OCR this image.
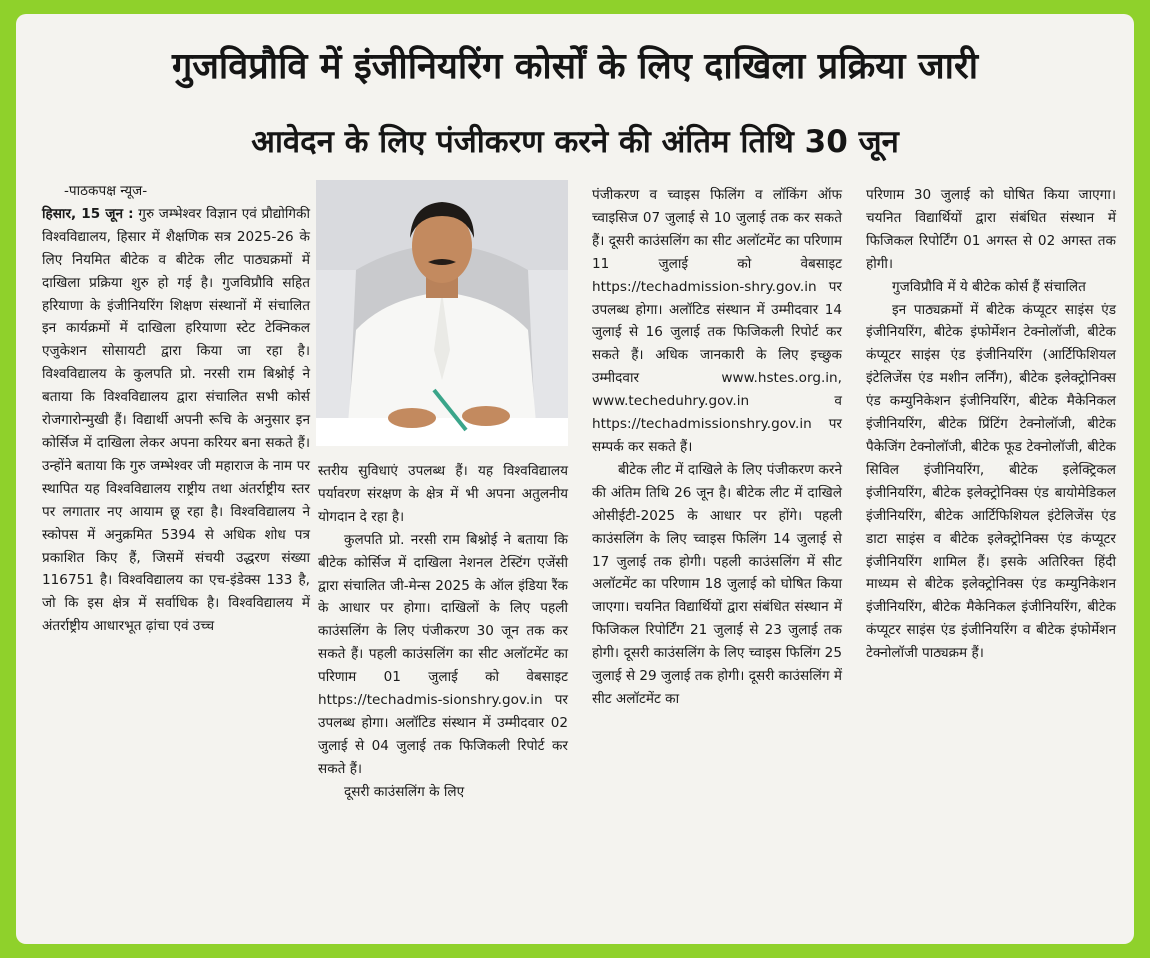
गुजविप्रौवि में इंजीनियरिंग कोर्सों के लिए दाखिला प्रक्रिया जारी
आवेदन के लिए पंजीकरण करने की अंतिम तिथि 30 जून

-पाठकपक्ष न्यूज-

हिसार, 15 जून : गुरु जम्भेश्वर विज्ञान एवं प्रौद्योगिकी विश्वविद्यालय, हिसार में शैक्षणिक सत्र 2025-26 के लिए नियमित बीटेक व बीटेक लीट पाठ्यक्रमों में दाखिला प्रक्रिया शुरु हो गई है। गुजविप्रौवि सहित हरियाणा के इंजीनियरिंग शिक्षण संस्थानों में संचालित इन कार्यक्रमों में दाखिला हरियाणा स्टेट टेक्निकल एजुकेशन सोसायटी द्वारा किया जा रहा है। विश्वविद्यालय के कुलपति प्रो. नरसी राम बिश्नोई ने बताया कि विश्वविद्यालय द्वारा संचालित सभी कोर्स रोजगारोन्मुखी हैं। विद्यार्थी अपनी रूचि के अनुसार इन कोर्सिज में दाखिला लेकर अपना करियर बना सकते हैं। उन्होंने बताया कि गुरु जम्भेश्वर जी महाराज के नाम पर स्थापित यह विश्वविद्यालय राष्ट्रीय तथा अंतर्राष्ट्रीय स्तर पर लगातार नए आयाम छू रहा है। विश्वविद्यालय ने स्कोपस में अनुक्रमित 5394 से अधिक शोध पत्र प्रकाशित किए हैं, जिसमें संचयी उद्धरण संख्या 116751 है। विश्वविद्यालय का एच-इंडेक्स 133 है, जो कि इस क्षेत्र में सर्वाधिक है। विश्वविद्यालय में अंतर्राष्ट्रीय आधारभूत ढ़ांचा एवं उच्च

स्तरीय सुविधाएं उपलब्ध हैं। यह विश्वविद्यालय पर्यावरण संरक्षण के क्षेत्र में भी अपना अतुलनीय योगदान दे रहा है।

कुलपति प्रो. नरसी राम बिश्नोई ने बताया कि बीटेक कोर्सिज में दाखिला नेशनल टेस्टिंग एजेंसी द्वारा संचालित जी-मेन्स 2025 के ऑल इंडिया रैंक के आधार पर होगा। दाखिलों के लिए पहली काउंसलिंग के लिए पंजीकरण 30 जून तक कर सकते हैं। पहली काउंसलिंग का सीट अलॉटमेंट का परिणाम 01 जुलाई को वेबसाइट https://techadmis-sionshry.gov.in पर उपलब्ध होगा। अलॉटिड संस्थान में उम्मीदवार 02 जुलाई से 04 जुलाई तक फिजिकली रिपोर्ट कर सकते हैं।

दूसरी काउंसलिंग के लिए

पंजीकरण व च्वाइस फिलिंग व लॉकिंग ऑफ च्वाइसिज 07 जुलाई से 10 जुलाई तक कर सकते हैं। दूसरी काउंसलिंग का सीट अलॉटमेंट का परिणाम 11 जुलाई को वेबसाइट https://techadmission-shry.gov.in पर उपलब्ध होगा। अलॉटिड संस्थान में उम्मीदवार 14 जुलाई से 16 जुलाई तक फिजिकली रिपोर्ट कर सकते हैं। अधिक जानकारी के लिए इच्छुक उम्मीदवार www.hstes.org.in, www.techeduhry.gov.in व https://techadmissionshry.gov.in पर सम्पर्क कर सकते हैं।

बीटेक लीट में दाखिले के लिए पंजीकरण करने की अंतिम तिथि 26 जून है। बीटेक लीट में दाखिले ओसीईटी-2025 के आधार पर होंगे। पहली काउंसलिंग के लिए च्वाइस फिलिंग 14 जुलाई से 17 जुलाई तक होगी। पहली काउंसलिंग में सीट अलॉटमेंट का परिणाम 18 जुलाई को घोषित किया जाएगा। चयनित विद्यार्थियों द्वारा संबंधित संस्थान में फिजिकल रिपोर्टिंग 21 जुलाई से 23 जुलाई तक होगी। दूसरी काउंसलिंग के लिए च्वाइस फिलिंग 25 जुलाई से 29 जुलाई तक होगी। दूसरी काउंसलिंग में सीट अलॉटमेंट का

परिणाम 30 जुलाई को घोषित किया जाएगा। चयनित विद्यार्थियों द्वारा संबंधित संस्थान में फिजिकल रिपोर्टिंग 01 अगस्त से 02 अगस्त तक होगी।

गुजविप्रौवि में ये बीटेक कोर्स हैं संचालित

इन पाठ्यक्रमों में बीटेक कंप्यूटर साइंस एंड इंजीनियरिंग, बीटेक इंफोर्मेशन टेक्नोलॉजी, बीटेक कंप्यूटर साइंस एंड इंजीनियरिंग (आर्टिफिशियल इंटेलिजेंस एंड मशीन लर्निंग), बीटेक इलेक्ट्रोनिक्स एंड कम्युनिकेशन इंजीनियरिंग, बीटेक मैकेनिकल इंजीनियरिंग, बीटेक प्रिंटिंग टेक्नोलॉजी, बीटेक पैकेजिंग टेक्नोलॉजी, बीटेक फूड टेक्नोलॉजी, बीटेक सिविल इंजीनियरिंग, बीटेक इलेक्ट्रिकल इंजीनियरिंग, बीटेक इलेक्ट्रोनिक्स एंड बायोमेडिकल इंजीनियरिंग, बीटेक आर्टिफिशियल इंटेलिजेंस एंड डाटा साइंस व बीटेक इलेक्ट्रोनिक्स एंड कंप्यूटर इंजीनियरिंग शामिल हैं। इसके अतिरिक्त हिंदी माध्यम से बीटेक इलेक्ट्रोनिक्स एंड कम्युनिकेशन इंजीनियरिंग, बीटेक मैकेनिकल इंजीनियरिंग, बीटेक कंप्यूटर साइंस एंड इंजीनियरिंग व बीटेक इंफोर्मेशन टेक्नोलॉजी पाठ्यक्रम हैं।
